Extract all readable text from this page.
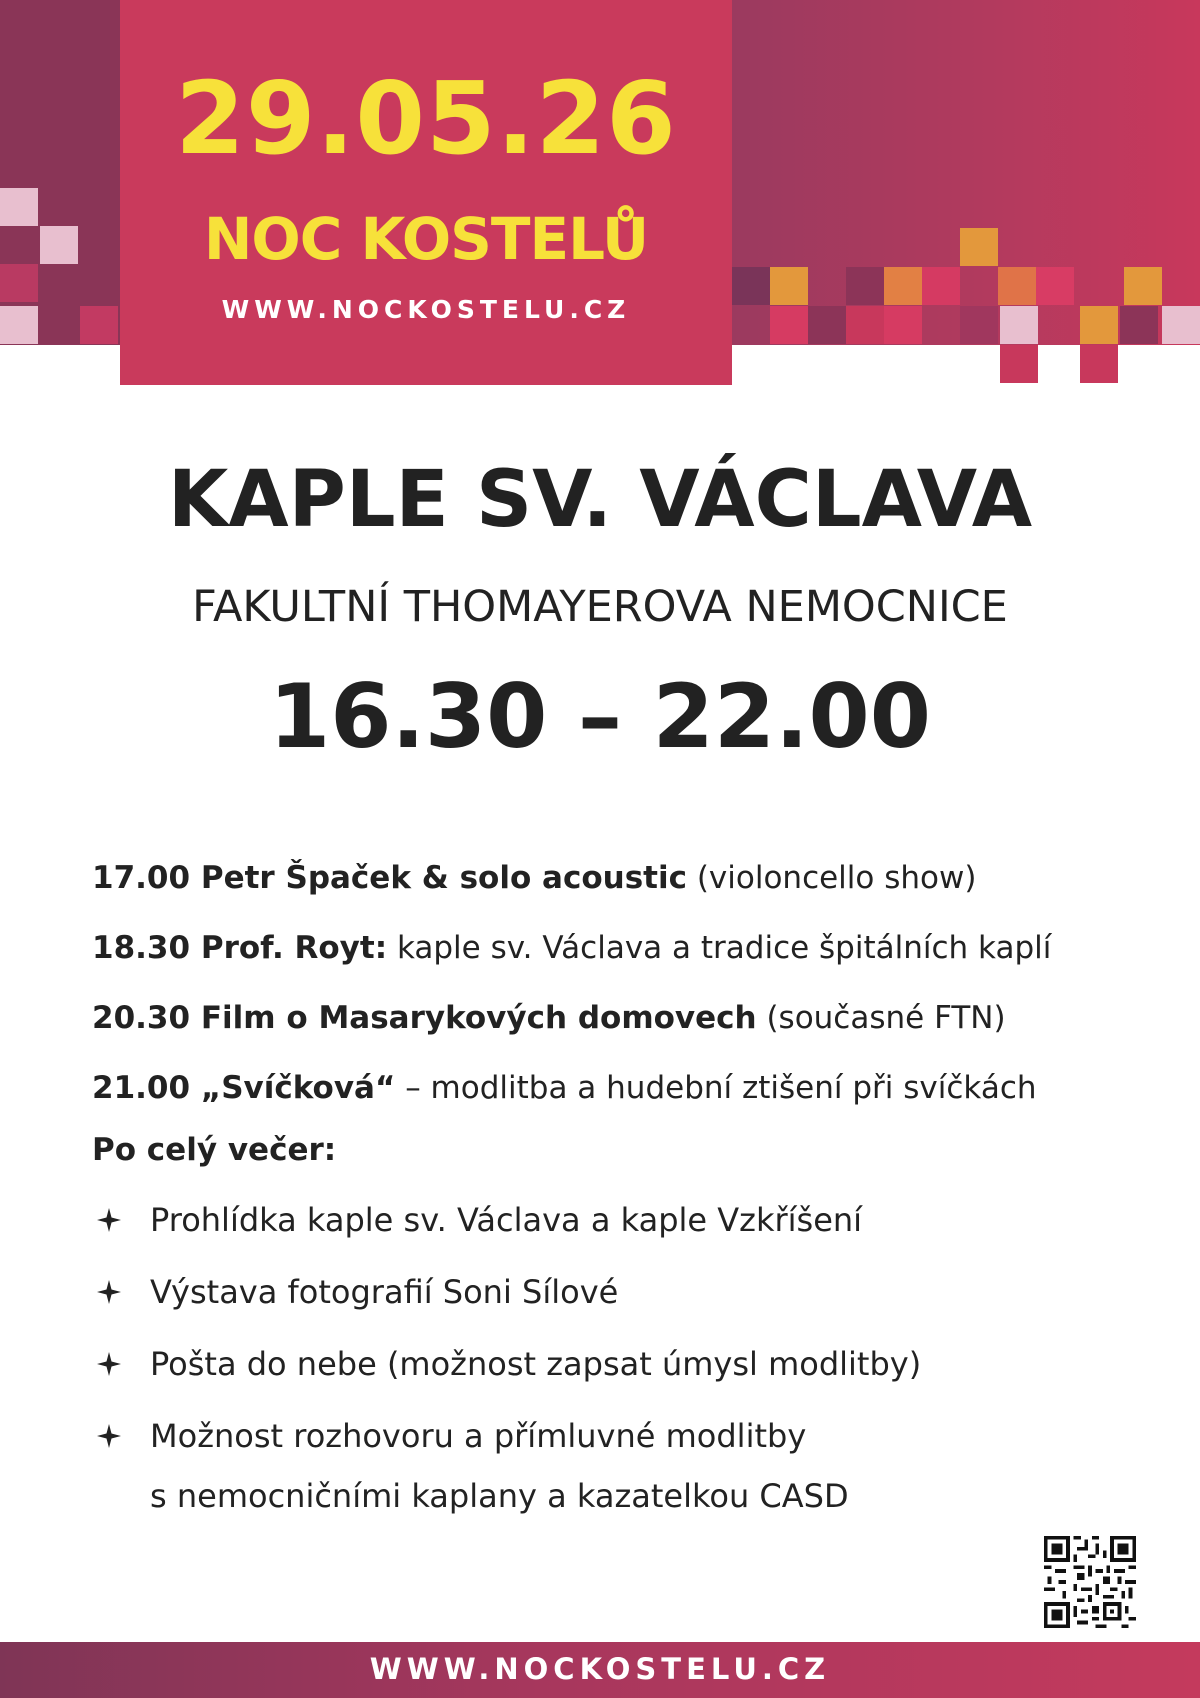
29.05.26
NOC KOSTELŮ
WWW.NOCKOSTELU.CZ
KAPLE SV. VÁCLAVA
FAKULTNÍ THOMAYEROVA NEMOCNICE
16.30 – 22.00
17.00 Petr Špaček & solo acoustic (violoncello show)
18.30 Prof. Royt: kaple sv. Václava a tradice špitálních kaplí
20.30 Film o Masarykových domovech (současné FTN)
21.00 „Svíčková“ – modlitba a hudební ztišení při svíčkách
Po celý večer:
Prohlídka kaple sv. Václava a kaple Vzkříšení
Výstava fotografií Soni Sílové
Pošta do nebe (možnost zapsat úmysl modlitby)
Možnost rozhovoru a přímluvné modlitby
s nemocničními kaplany a kazatelkou CASD
WWW.NOCKOSTELU.CZ
